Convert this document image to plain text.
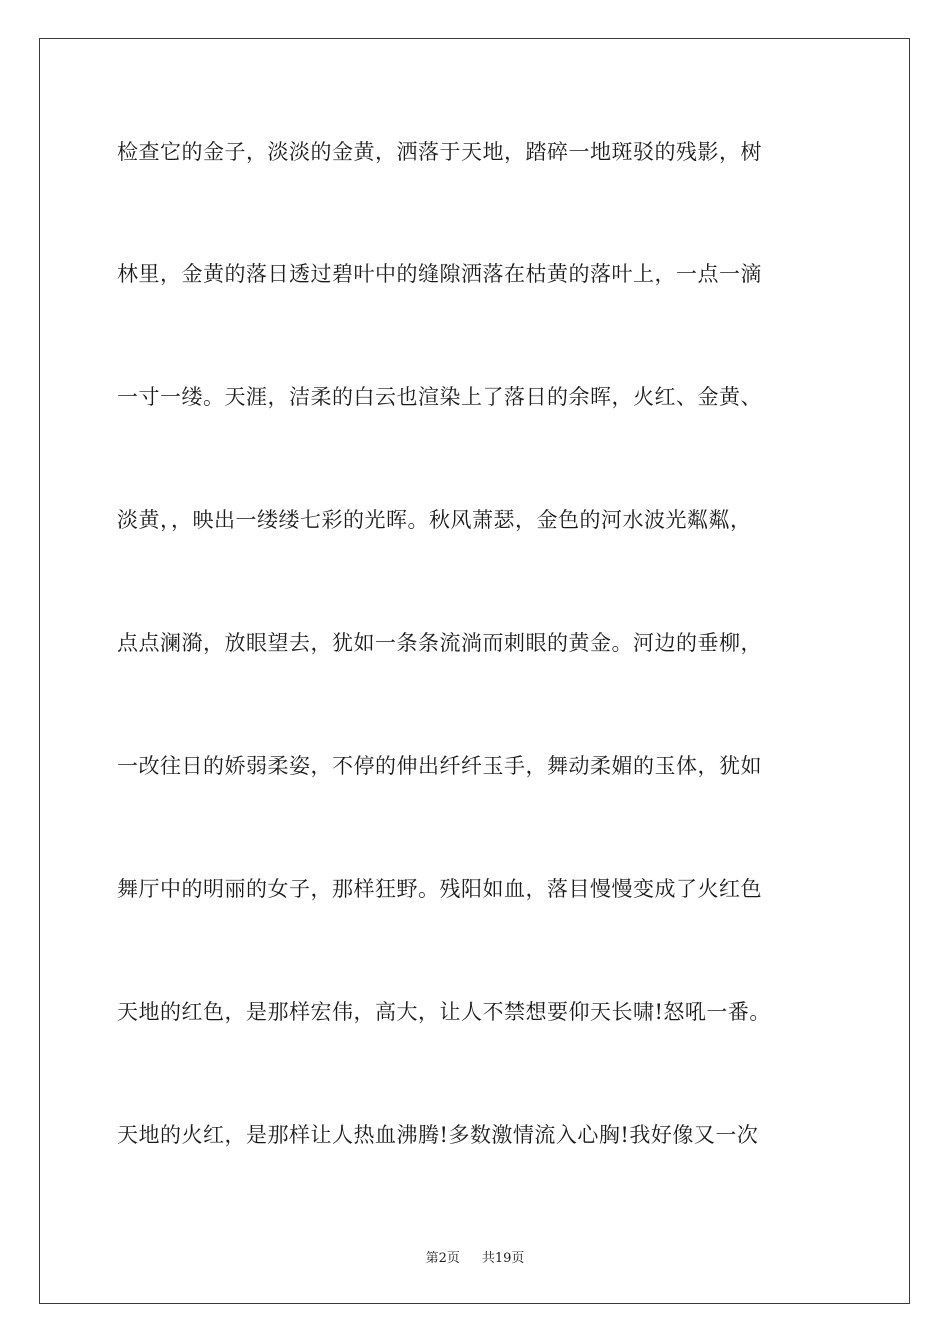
检查它的金子，淡淡的金黄，洒落于天地，踏碎一地斑驳的残影，树
林里，金黄的落日透过碧叶中的缝隙洒落在枯黄的落叶上，一点一滴
一寸一缕。天涯，洁柔的白云也渲染上了落日的余晖，火红、金黄、
淡黄，，映出一缕缕七彩的光晖。秋风萧瑟，金色的河水波光粼粼，
点点澜漪，放眼望去，犹如一条条流淌而刺眼的黄金。河边的垂柳，
一改往日的娇弱柔姿，不停的伸出纤纤玉手，舞动柔媚的玉体，犹如
舞厅中的明丽的女子，那样狂野。残阳如血，落目慢慢变成了火红色
天地的红色，是那样宏伟，高大，让人不禁想要仰天长啸!怒吼一番。
天地的火红，是那样让人热血沸腾!多数激情流入心胸!我好像又一次
第2页 共19页
